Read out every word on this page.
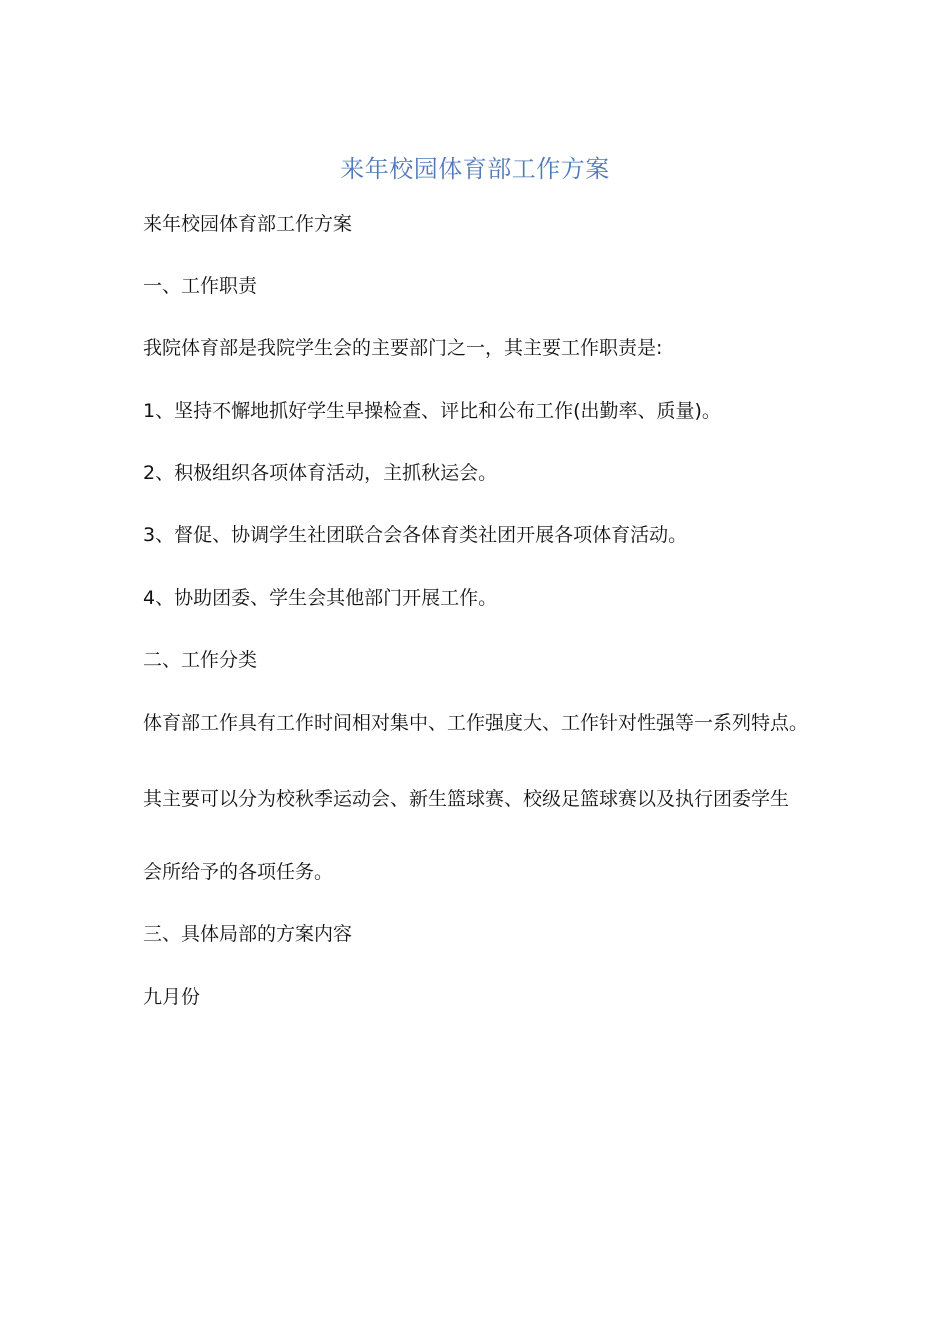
来年校园体育部工作方案
来年校园体育部工作方案
一、工作职责
我院体育部是我院学生会的主要部门之一，其主要工作职责是:
1、坚持不懈地抓好学生早操检查、评比和公布工作(出勤率、质量)。
2、积极组织各项体育活动，主抓秋运会。
3、督促、协调学生社团联合会各体育类社团开展各项体育活动。
4、协助团委、学生会其他部门开展工作。
二、工作分类
体育部工作具有工作时间相对集中、工作强度大、工作针对性强等一系列特点。
其主要可以分为校秋季运动会、新生篮球赛、校级足篮球赛以及执行团委学生
会所给予的各项任务。
三、具体局部的方案内容
九月份
